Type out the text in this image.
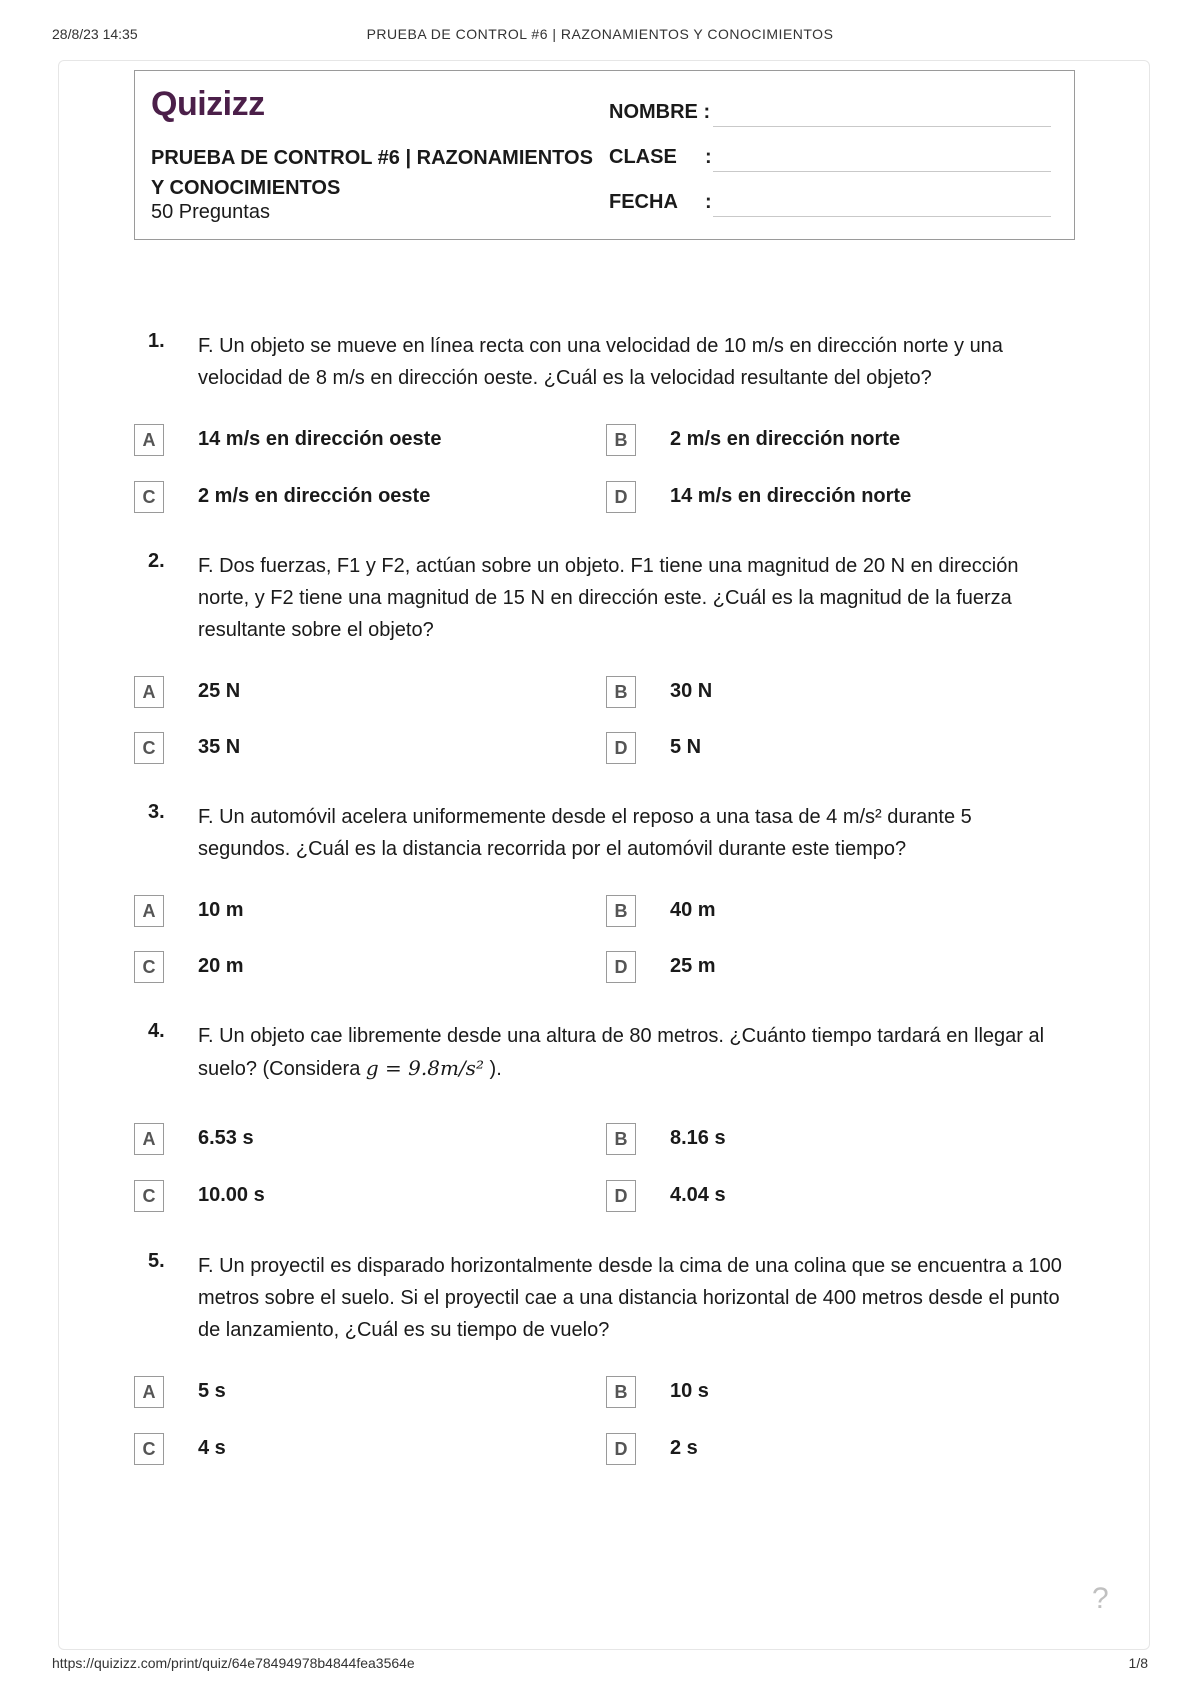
28/8/23 14:35	PRUEBA DE CONTROL #6 | RAZONAMIENTOS Y CONOCIMIENTOS
Quizizz
PRUEBA DE CONTROL #6 | RAZONAMIENTOS Y CONOCIMIENTOS
50 Preguntas
NOMBRE :
CLASE :
FECHA :
1. F. Un objeto se mueve en línea recta con una velocidad de 10 m/s en dirección norte y una velocidad de 8 m/s en dirección oeste. ¿Cuál es la velocidad resultante del objeto?
A	14 m/s en dirección oeste	B	2 m/s en dirección norte
C	2 m/s en dirección oeste	D	14 m/s en dirección norte
2. F. Dos fuerzas, F1 y F2, actúan sobre un objeto. F1 tiene una magnitud de 20 N en dirección norte, y F2 tiene una magnitud de 15 N en dirección este. ¿Cuál es la magnitud de la fuerza resultante sobre el objeto?
A	25 N	B	30 N
C	35 N	D	5 N
3. F. Un automóvil acelera uniformemente desde el reposo a una tasa de 4 m/s² durante 5 segundos. ¿Cuál es la distancia recorrida por el automóvil durante este tiempo?
A	10 m	B	40 m
C	20 m	D	25 m
4. F. Un objeto cae libremente desde una altura de 80 metros. ¿Cuánto tiempo tardará en llegar al suelo? (Considera g = 9.8m/s² ).
A	6.53 s	B	8.16 s
C	10.00 s	D	4.04 s
5. F. Un proyectil es disparado horizontalmente desde la cima de una colina que se encuentra a 100 metros sobre el suelo. Si el proyectil cae a una distancia horizontal de 400 metros desde el punto de lanzamiento, ¿Cuál es su tiempo de vuelo?
A	5 s	B	10 s
C	4 s	D	2 s
?
https://quizizz.com/print/quiz/64e78494978b4844fea3564e	1/8
